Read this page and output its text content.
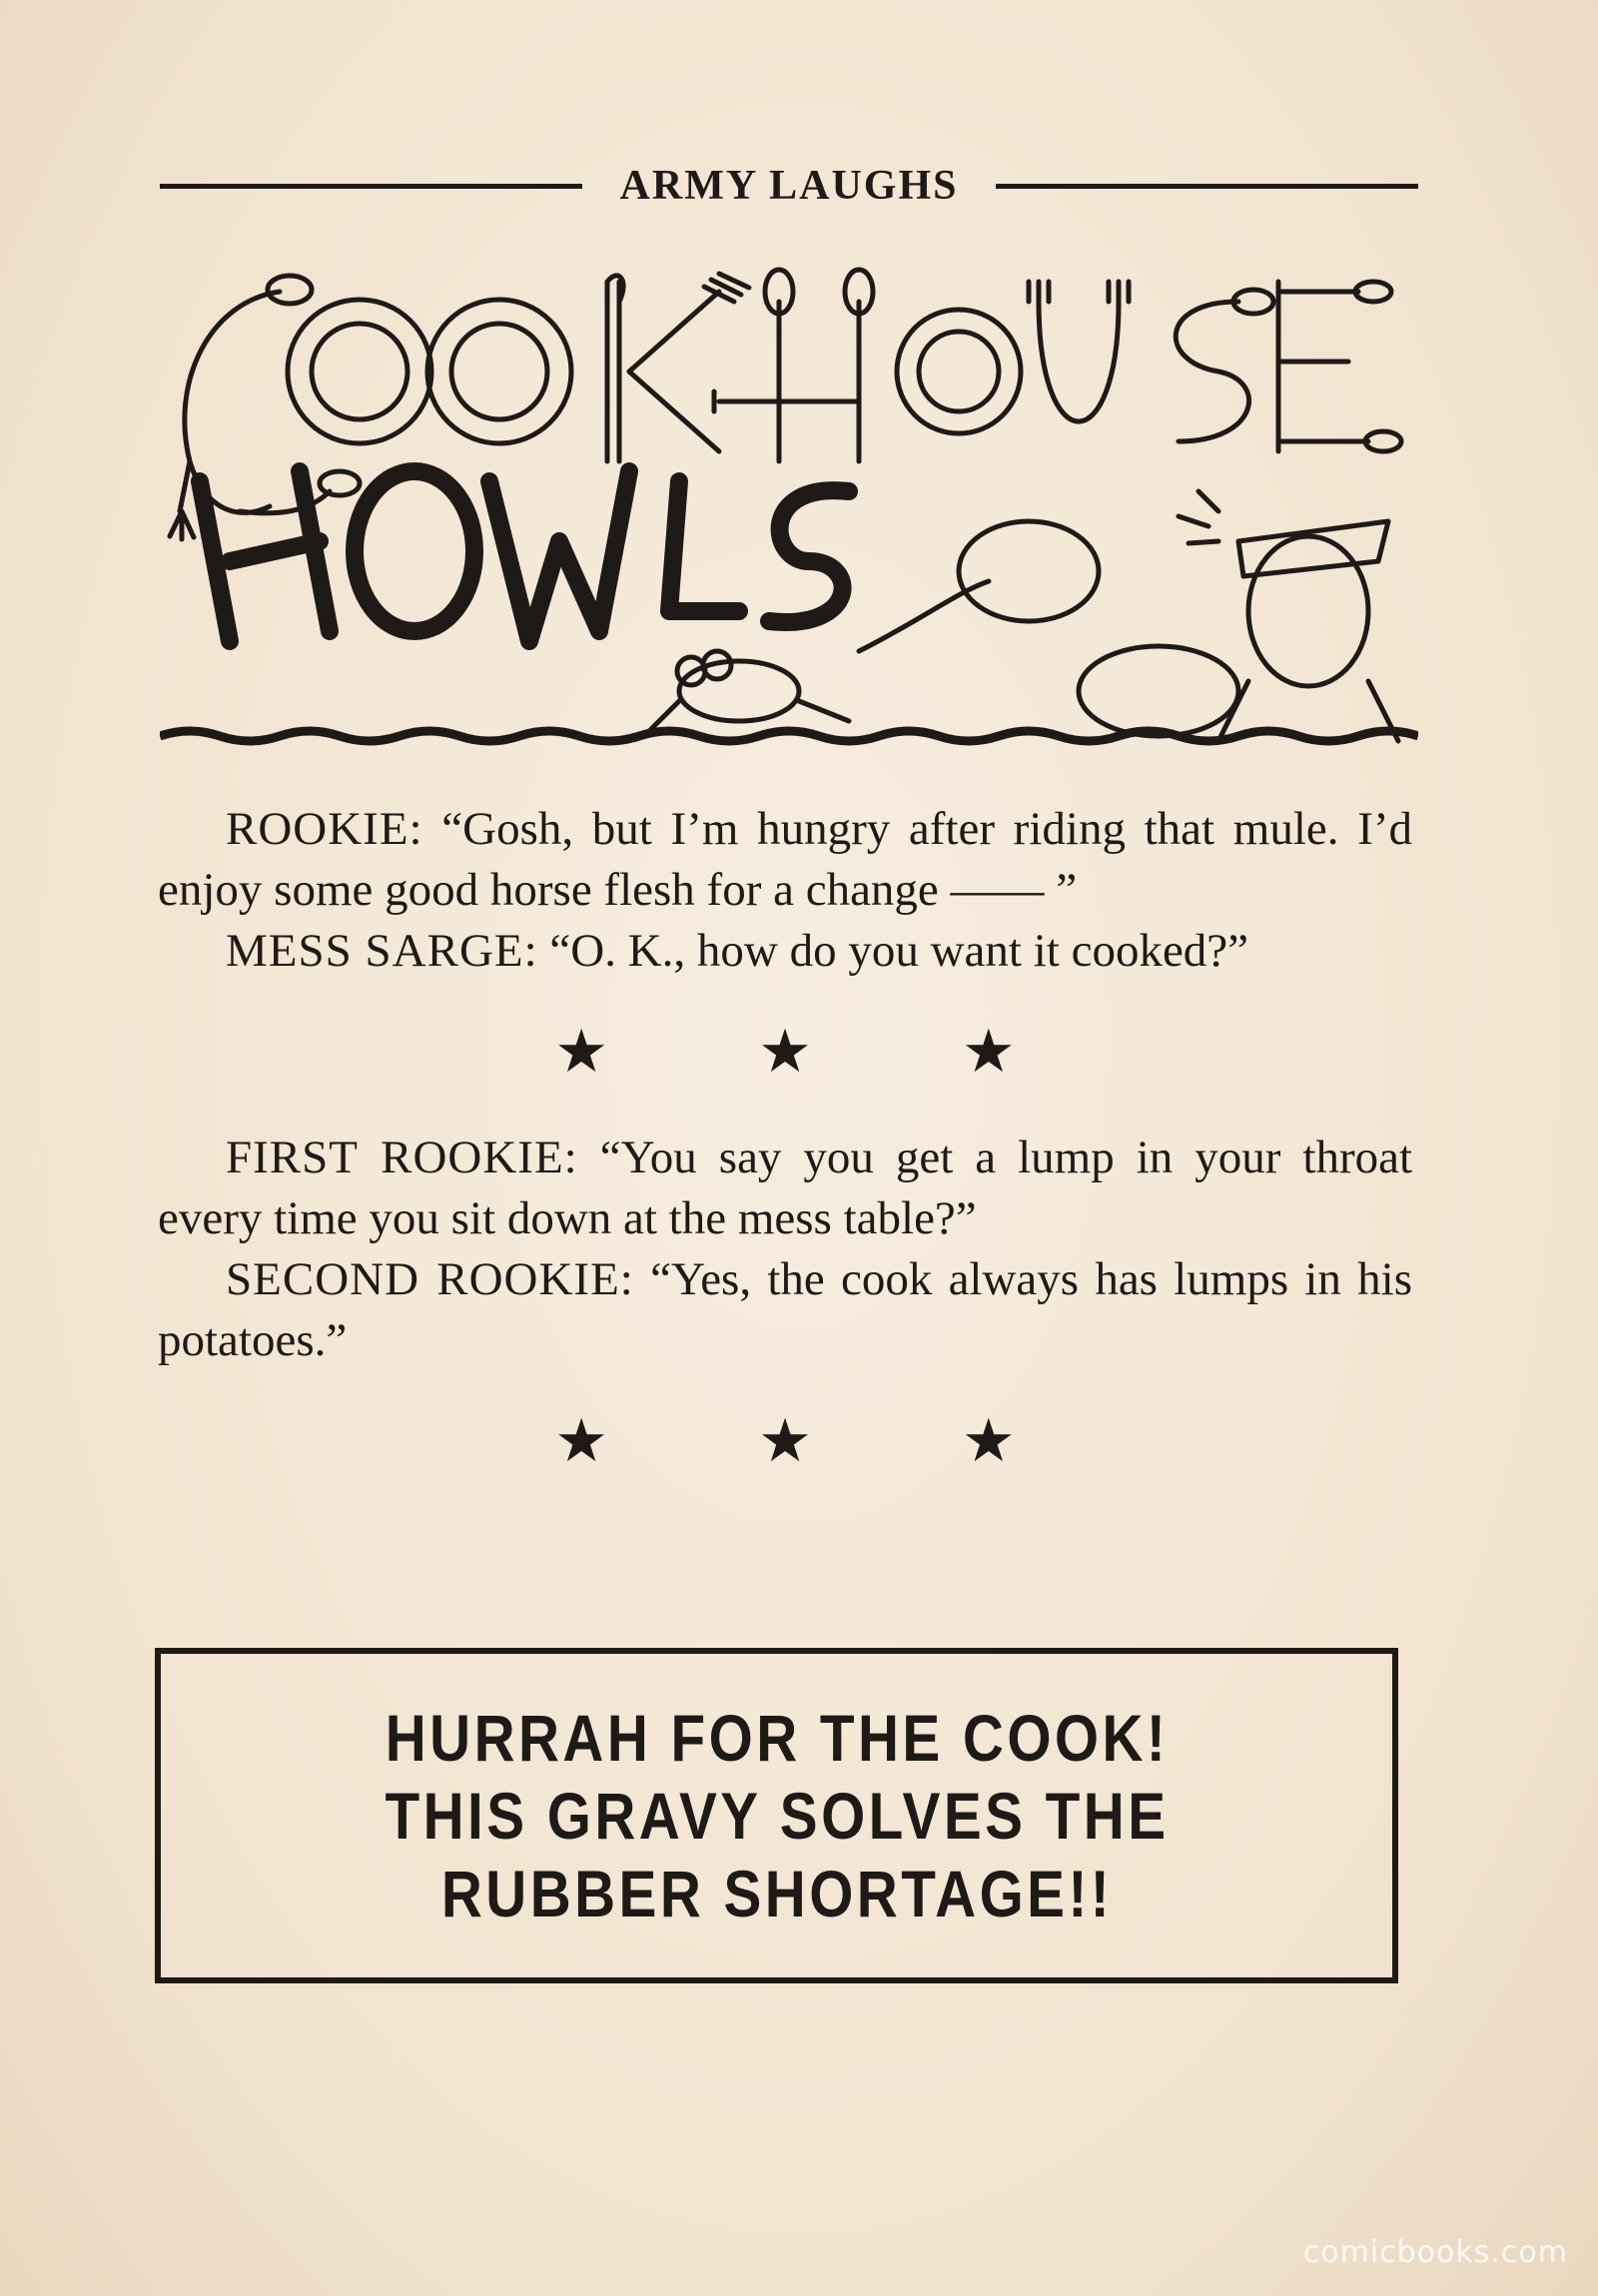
ARMY LAUGHS

ROOKIE: “Gosh, but I’m hungry after riding that mule. I’d enjoy some good horse flesh for a change —— ”

MESS SARGE: “O. K., how do you want it cooked?”

★	★	★

FIRST ROOKIE: “You say you get a lump in your throat every time you sit down at the mess table?”

SECOND ROOKIE: “Yes, the cook always has lumps in his potatoes.”

★	★	★
HURRAH FOR THE COOK! THIS GRAVY SOLVES THE RUBBER SHORTAGE!!
comicbooks.com
